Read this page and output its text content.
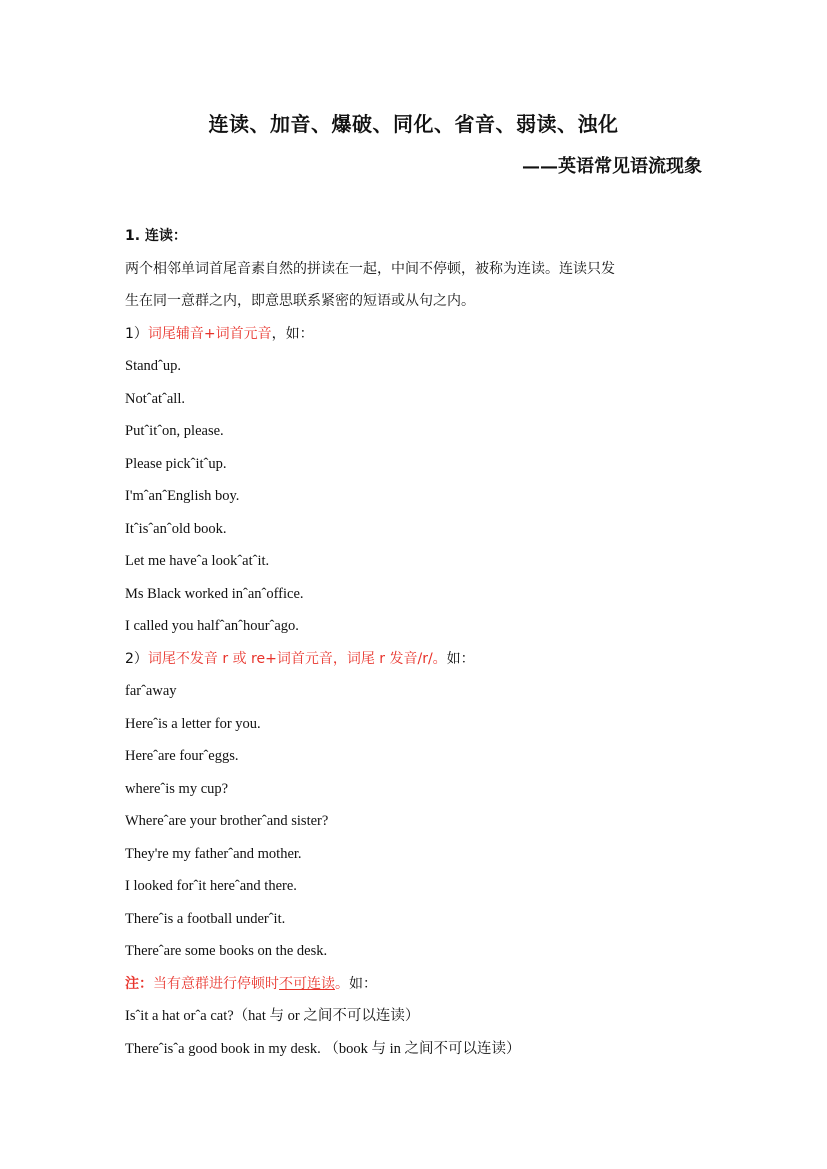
连读、加音、爆破、同化、省音、弱读、浊化
——英语常见语流现象
1. 连读：
两个相邻单词首尾音素自然的拼读在一起，中间不停顿，被称为连读。连读只发
生在同一意群之内，即意思联系紧密的短语或从句之内。
1）词尾辅音+词首元音，如：
Standˆup.
Notˆatˆall.
Putˆitˆon, please.
Please pickˆitˆup.
I'mˆanˆEnglish boy.
Itˆisˆanˆold book.
Let me haveˆa lookˆatˆit.
Ms Black worked inˆanˆoffice.
I called you halfˆanˆhourˆago.
2）词尾不发音 r 或 re+词首元音，词尾 r 发音/r/。如：
farˆaway
Hereˆis a letter for you.
Hereˆare fourˆeggs.
whereˆis my cup?
Whereˆare your brotherˆand sister?
They're my fatherˆand mother.
I looked forˆit hereˆand there.
Thereˆis a football underˆit.
Thereˆare some books on the desk.
注：当有意群进行停顿时不可连读。如：
Isˆit a hat orˆa cat?（hat 与 or 之间不可以连读）
Thereˆisˆa good book in my desk. （book 与 in 之间不可以连读）
